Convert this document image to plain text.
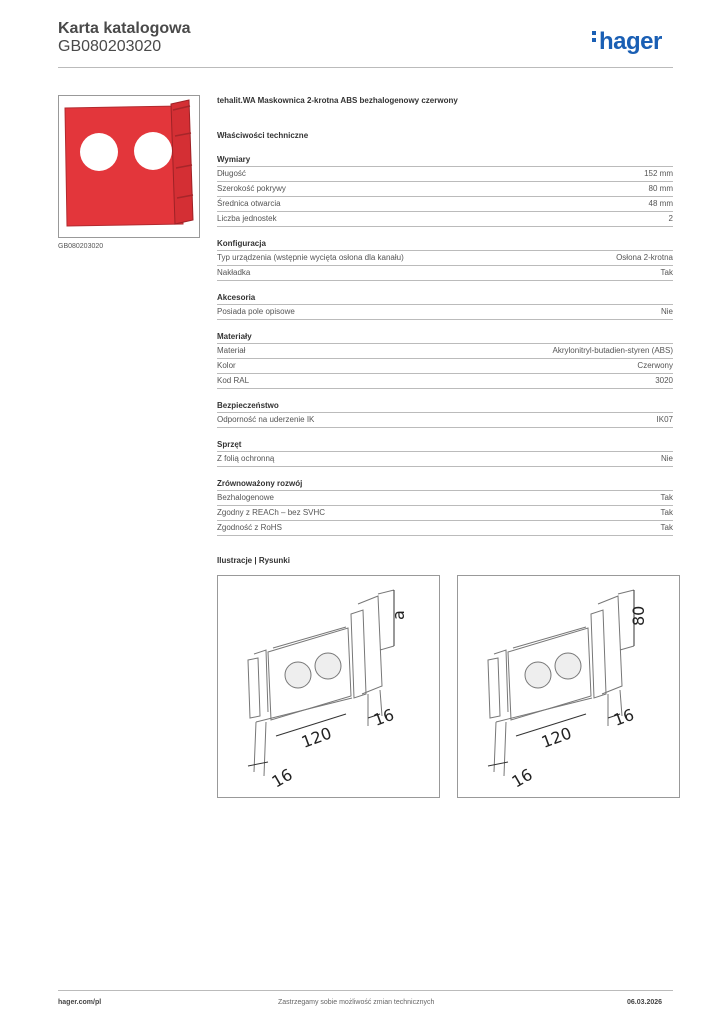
Karta katalogowa
GB080203020	hager
GB080203020
tehalit.WA Maskownica 2-krotna ABS bezhalogenowy czerwony
Właściwości techniczne
Wymiary
Długość	152 mm
Szerokość pokrywy	80 mm
Średnica otwarcia	48 mm
Liczba jednostek	2
Konfiguracja
Typ urządzenia (wstępnie wycięta osłona dla kanału)	Osłona 2-krotna
Nakładka	Tak
Akcesoria
Posiada pole opisowe	Nie
Materiały
Materiał	Akrylonitryl-butadien-styren (ABS)
Kolor	Czerwony
Kod RAL	3020
Bezpieczeństwo
Odporność na uderzenie IK	IK07
Sprzęt
Z folią ochronną	Nie
Zrównoważony rozwój
Bezhalogenowe	Tak
Zgodny z REACh – bez SVHC	Tak
Zgodność z RoHS	Tak
Ilustracje | Rysunki
a
120
16
16
80
120
16
16
hager.com/pl	Zastrzegamy sobie możliwość zmian technicznych	06.03.2026
